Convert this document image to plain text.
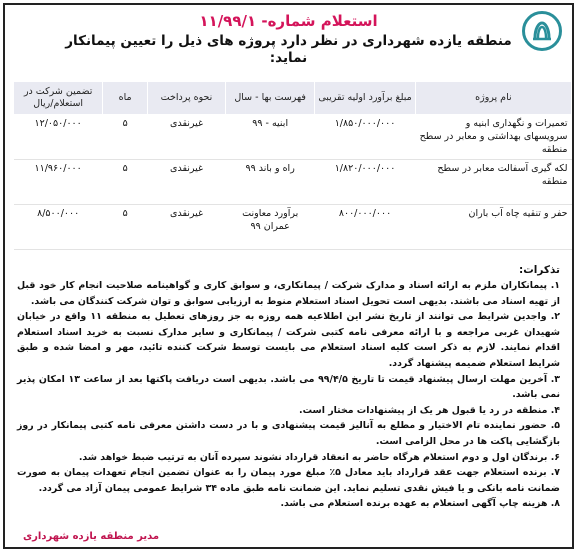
استعلام شماره- ۱۱/۹۹/۱
منطقه یازده شهرداری در نظر دارد پروژه های ذیل را تعیین پیمانکار نماید:
نام پروژه	مبلغ برآورد اولیه تقریبی	فهرست بها - سال	نحوه پرداخت	ماه	تضمین شرکت در استعلام/ریال
تعمیرات و نگهداری ابنیه و سرویسهای بهداشتی و معابر در سطح منطقه	۱/۸۵۰/۰۰۰/۰۰۰	ابنیه - ۹۹	غیرنقدی	۵	۱۲/۰۵۰/۰۰۰
لکه گیری آسفالت معابر در سطح منطقه	۱/۸۲۰/۰۰۰/۰۰۰	راه و باند ۹۹	غیرنقدی	۵	۱۱/۹۶۰/۰۰۰
حفر و تنقیه چاه آب باران	۸۰۰/۰۰۰/۰۰۰	برآورد معاونت عمران ۹۹	غیرنقدی	۵	۸/۵۰۰/۰۰۰
تذکرات:
۱. پیمانکاران ملزم به ارائه اسناد و مدارک شرکت / پیمانکاری، و سوابق کاری و گواهینامه صلاحیت انجام کار خود قبل از تهیه اسناد می باشند. بدیهی است تحویل اسناد استعلام منوط به ارزیابی سوابق و توان شرکت کنندگان می باشد.
۲. واجدین شرایط می توانند از تاریخ نشر این اطلاعیه همه روزه به جز روزهای تعطیل به منطقه ۱۱ واقع در خیابان شهیدان غربی مراجعه و با ارائه معرفی نامه کتبی شرکت / پیمانکاری و سایر مدارک نسبت به خرید اسناد استعلام اقدام نمایند. لازم به ذکر است کلیه اسناد استعلام می بایست توسط شرکت کننده تائید، مهر و امضا شده و طبق شرایط استعلام ضمیمه پیشنهاد گردد.
۳. آخرین مهلت ارسال پیشنهاد قیمت تا تاریخ ۹۹/۴/۵ می باشد. بدیهی است دریافت پاکتها بعد از ساعت ۱۳ امکان پذیر نمی باشد.
۴. منطقه در رد یا قبول هر یک از پیشنهادات مختار است.
۵. حضور نماینده تام الاختیار و مطلع به آنالیز قیمت پیشنهادی و با در دست داشتن معرفی نامه کتبی پیمانکار در روز بازگشایی پاکت ها در محل الزامی است.
۶. برندگان اول و دوم استعلام هرگاه حاضر به انعقاد قرارداد نشوند سپرده آنان به ترتیب ضبط خواهد شد.
۷. برنده استعلام جهت عقد قرارداد باید معادل ۵٪ مبلغ مورد پیمان را به عنوان تضمین انجام تعهدات پیمان به صورت ضمانت نامه بانکی و یا فیش نقدی تسلیم نماید. این ضمانت نامه طبق ماده ۳۴ شرایط عمومی پیمان آزاد می گردد.
۸. هزینه چاپ آگهی استعلام به عهده برنده استعلام می باشد.
مدیر منطقه یازده شهرداری
